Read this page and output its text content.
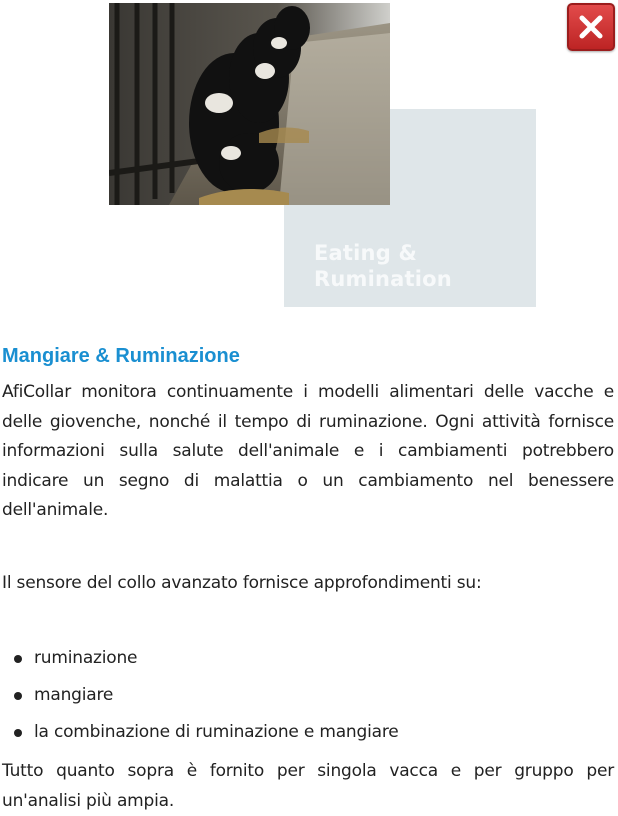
Eating &
Rumination
Mangiare & Ruminazione

AfiCollar monitora continuamente i modelli alimentari delle vacche e delle giovenche, nonché il tempo di ruminazione. Ogni attività fornisce informazioni sulla salute dell'animale e i cambiamenti potrebbero indicare un segno di malattia o un cambiamento nel benessere dell'animale.

Il sensore del collo avanzato fornisce approfondimenti su:

ruminazione
mangiare
la combinazione di ruminazione e mangiare

Tutto quanto sopra è fornito per singola vacca e per gruppo per un'analisi più ampia.
